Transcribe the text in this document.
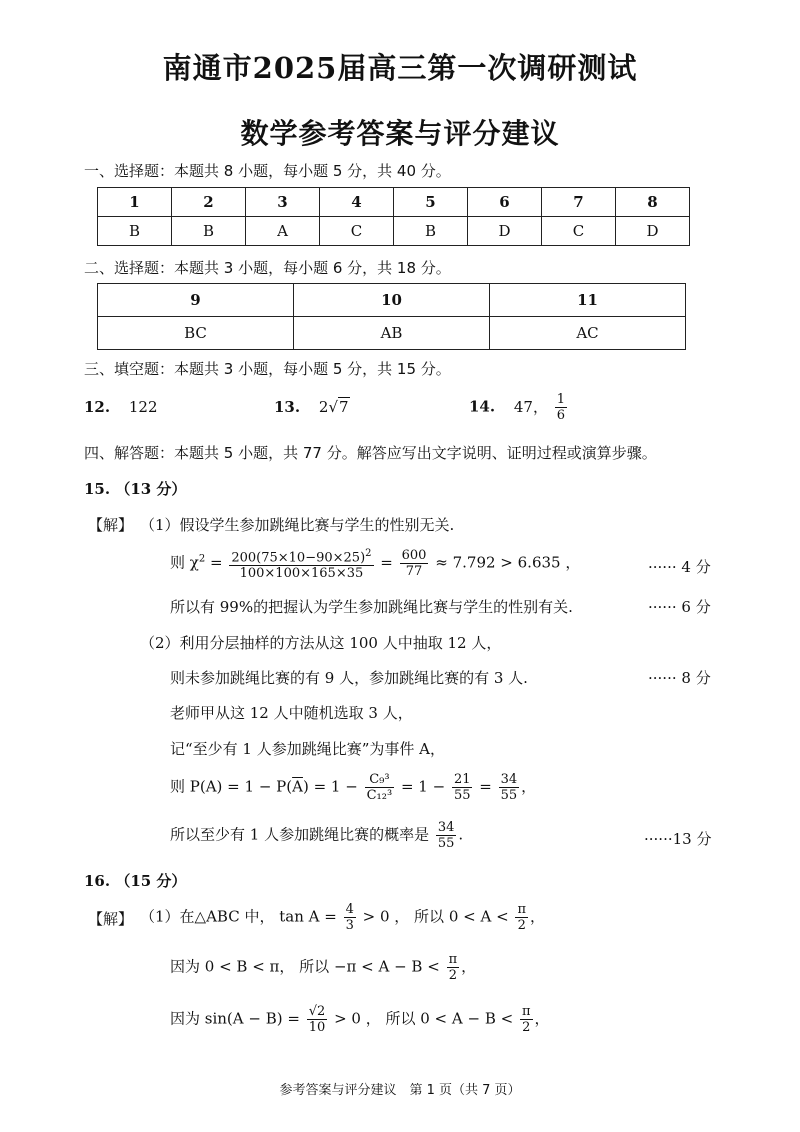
南通市2025届高三第一次调研测试
数学参考答案与评分建议
一、选择题：本题共 8 小题，每小题 5 分，共 40 分。
1	2	3	4	5	6	7	8
B	B	A	C	B	D	C	D
二、选择题：本题共 3 小题，每小题 6 分，共 18 分。
9	10	11
BC	AB	AC
三、填空题：本题共 3 小题，每小题 5 分，共 15 分。
12. 122	13. 2√7	14. 47， $\frac{1}{6}$
四、解答题：本题共 5 小题，共 77 分。解答应写出文字说明、证明过程或演算步骤。
15. （13 分）
【解】 （1）假设学生参加跳绳比赛与学生的性别无关.
则 $\chi^2 = \frac{200(75\times 10-90\times 25)^2}{100\times 100\times 165\times 35} = \frac{600}{77} \approx 7.792 > 6.635$ ，	······ 4 分
所以有 99%的把握认为学生参加跳绳比赛与学生的性别有关.	······ 6 分
（2）利用分层抽样的方法从这 100 人中抽取 12 人，
则未参加跳绳比赛的有 9 人，参加跳绳比赛的有 3 人.	······ 8 分
老师甲从这 12 人中随机选取 3 人，
记“至少有 1 人参加跳绳比赛”为事件 A，
则 $P(A) = 1 - P(\overline{A}) = 1 - \frac{\text{C₉³}}{\text{C₁₂³}} = 1 - \frac{21}{55} = \frac{34}{55}$ ，
所以至少有 1 人参加跳绳比赛的概率是 $\frac{34}{55}$ .	······13 分
16. （15 分）
【解】 （1）在△ABC 中， $\tan A = \frac{4}{3} > 0$ ， 所以 $0 < A < \frac{\pi}{2}$ ，
因为 0 < B < π， 所以 $-\pi < A - B < \frac{\pi}{2}$ ，
因为 $\sin(A - B) = \frac{√2}{10} > 0$ ， 所以 $0 < A - B < \frac{\pi}{2}$ ，
参考答案与评分建议　第 1 页（共 7 页）
